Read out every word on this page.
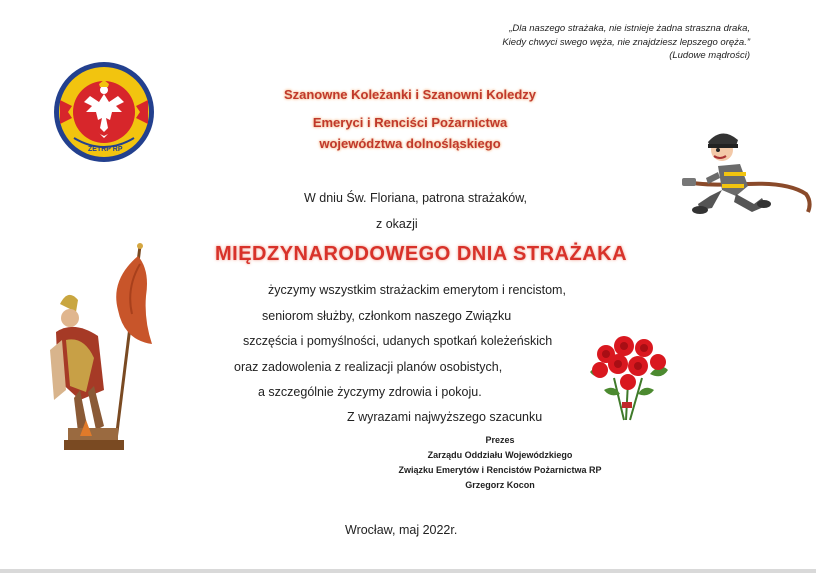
„Dla naszego strażaka, nie istnieje żadna straszna draka,
Kiedy chwyci swego węża, nie znajdziesz lepszego oręża.”
(Ludowe mądrości)
ZETRP RP
Szanowne Koleżanki i Szanowni Koledzy
Emeryci i Renciści Pożarnictwa
województwa dolnośląskiego
W dniu Św. Floriana, patrona strażaków,
z okazji
MIĘDZYNARODOWEGO DNIA STRAŻAKA
życzymy wszystkim strażackim emerytom i rencistom,
seniorom służby, członkom naszego Związku
szczęścia i pomyślności, udanych spotkań koleżeńskich
oraz zadowolenia z realizacji planów osobistych,
a szczególnie życzymy zdrowia i pokoju.
Z wyrazami najwyższego szacunku
Prezes
Zarządu Oddziału Wojewódzkiego
Związku Emerytów i Rencistów Pożarnictwa RP
Grzegorz Kocon
Wrocław, maj 2022r.
